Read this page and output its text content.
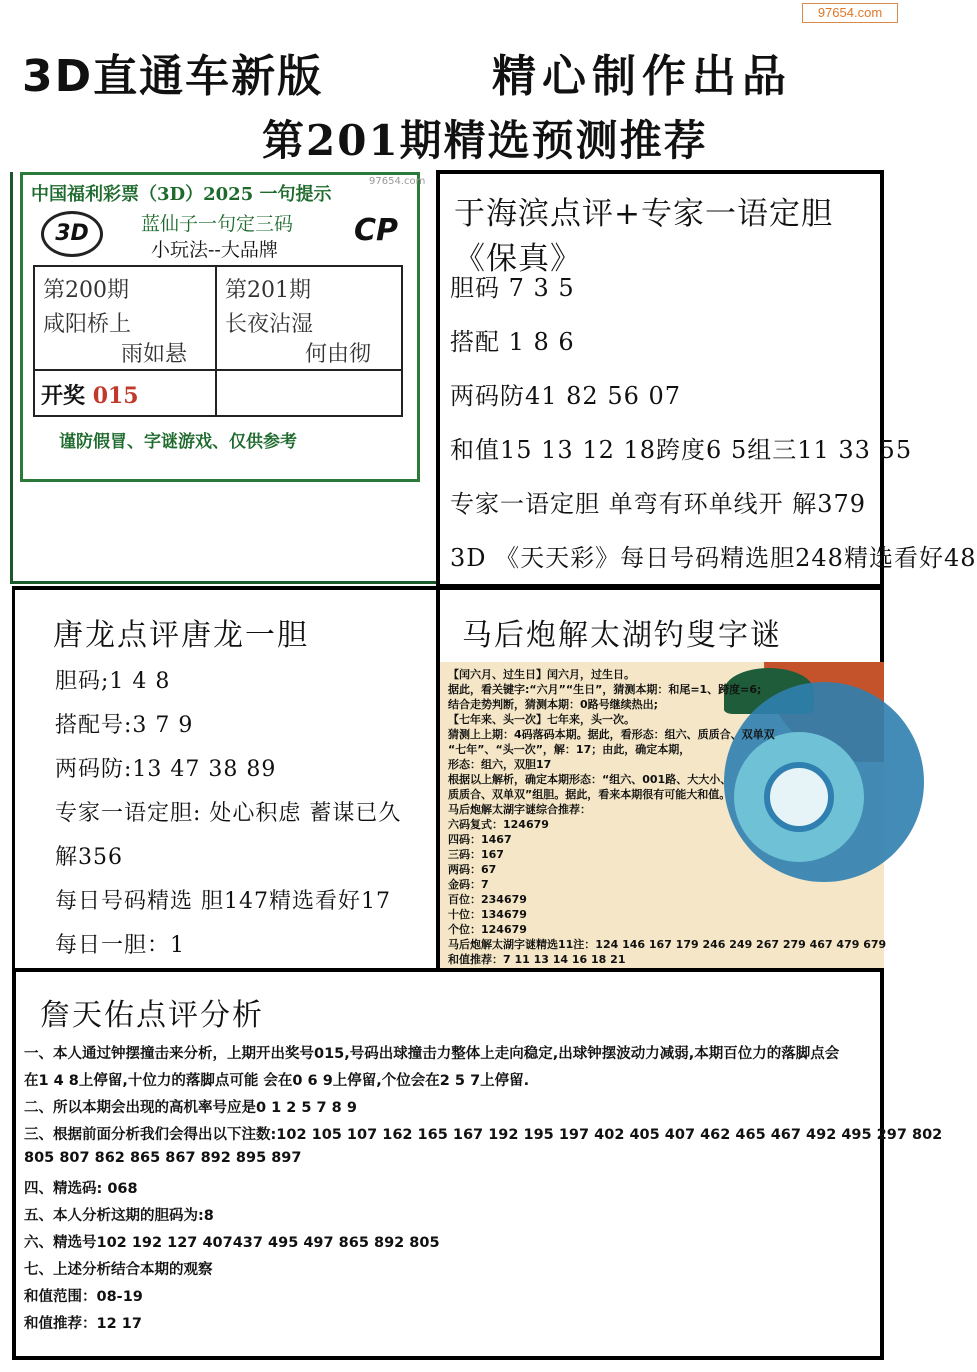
97654.com
3D直通车新版	精心制作出品
第201期精选预测推荐
中国福利彩票（3D）2025 一句提示
97654.com
3D	蓝仙子一句定三码
小玩法--大品牌
CP
第200期
咸阳桥上
雨如悬
第201期
长夜沾湿
何由彻
开奖 015
谨防假冒、字谜游戏、仅供参考
于海滨点评+专家一语定胆《保真》
胆码 7 3 5
搭配 1 8 6
两码防41 82 56 07
和值15 13 12 18跨度6 5组三11 33 55
专家一语定胆 单弯有环单线开 解379
3D 《天天彩》每日号码精选胆248精选看好48
唐龙点评唐龙一胆
胆码;1 4 8
搭配号:3 7 9
两码防:13 47 38 89
专家一语定胆: 处心积虑 蓄谋已久
解356
每日号码精选 胆147精选看好17
每日一胆：1
马后炮解太湖钓叟字谜
【闰六月、过生日】闰六月，过生日。
据此，看关键字:“六月”“生日”，猜测本期：和尾=1、跨度=6;
结合走势判断，猜测本期：0路号继续热出;
【七年来、头一次】七年来，头一次。
猜测上上期：4码落码本期。据此，看形态：组六、质质合、双单双
“七年”、“头一次”，解：17；由此，确定本期，
形态：组六，双胆17
根据以上解析，确定本期形态：“组六、001路、大大小、
质质合、双单双”组胆。据此，看来本期很有可能大和值。
马后炮解太湖字谜综合推荐：
六码复式：124679
四码：1467
三码：167
两码：67
金码：7
百位：234679
十位：134679
个位：124679
马后炮解太湖字谜精选11注：124 146 167 179 246 249 267 279 467 479 679
和值推荐：7 11 13 14 16 18 21
詹天佑点评分析
一、本人通过钟摆撞击来分析，上期开出奖号015,号码出球撞击力整体上走向稳定,出球钟摆波动力减弱,本期百位力的落脚点会
在1 4 8上停留,十位力的落脚点可能 会在0 6 9上停留,个位会在2 5 7上停留.
二、所以本期会出现的高机率号应是0 1 2 5 7 8 9
三、根据前面分析我们会得出以下注数:102 105 107 162 165 167 192 195 197 402 405 407 462 465 467 492 495 297 802
805 807 862 865 867 892 895 897
四、精选码: 068
五、本人分析这期的胆码为:8
六、精选号102 192 127 407437 495 497 865 892 805
七、上述分析结合本期的观察
和值范围：08-19
和值推荐：12 17
